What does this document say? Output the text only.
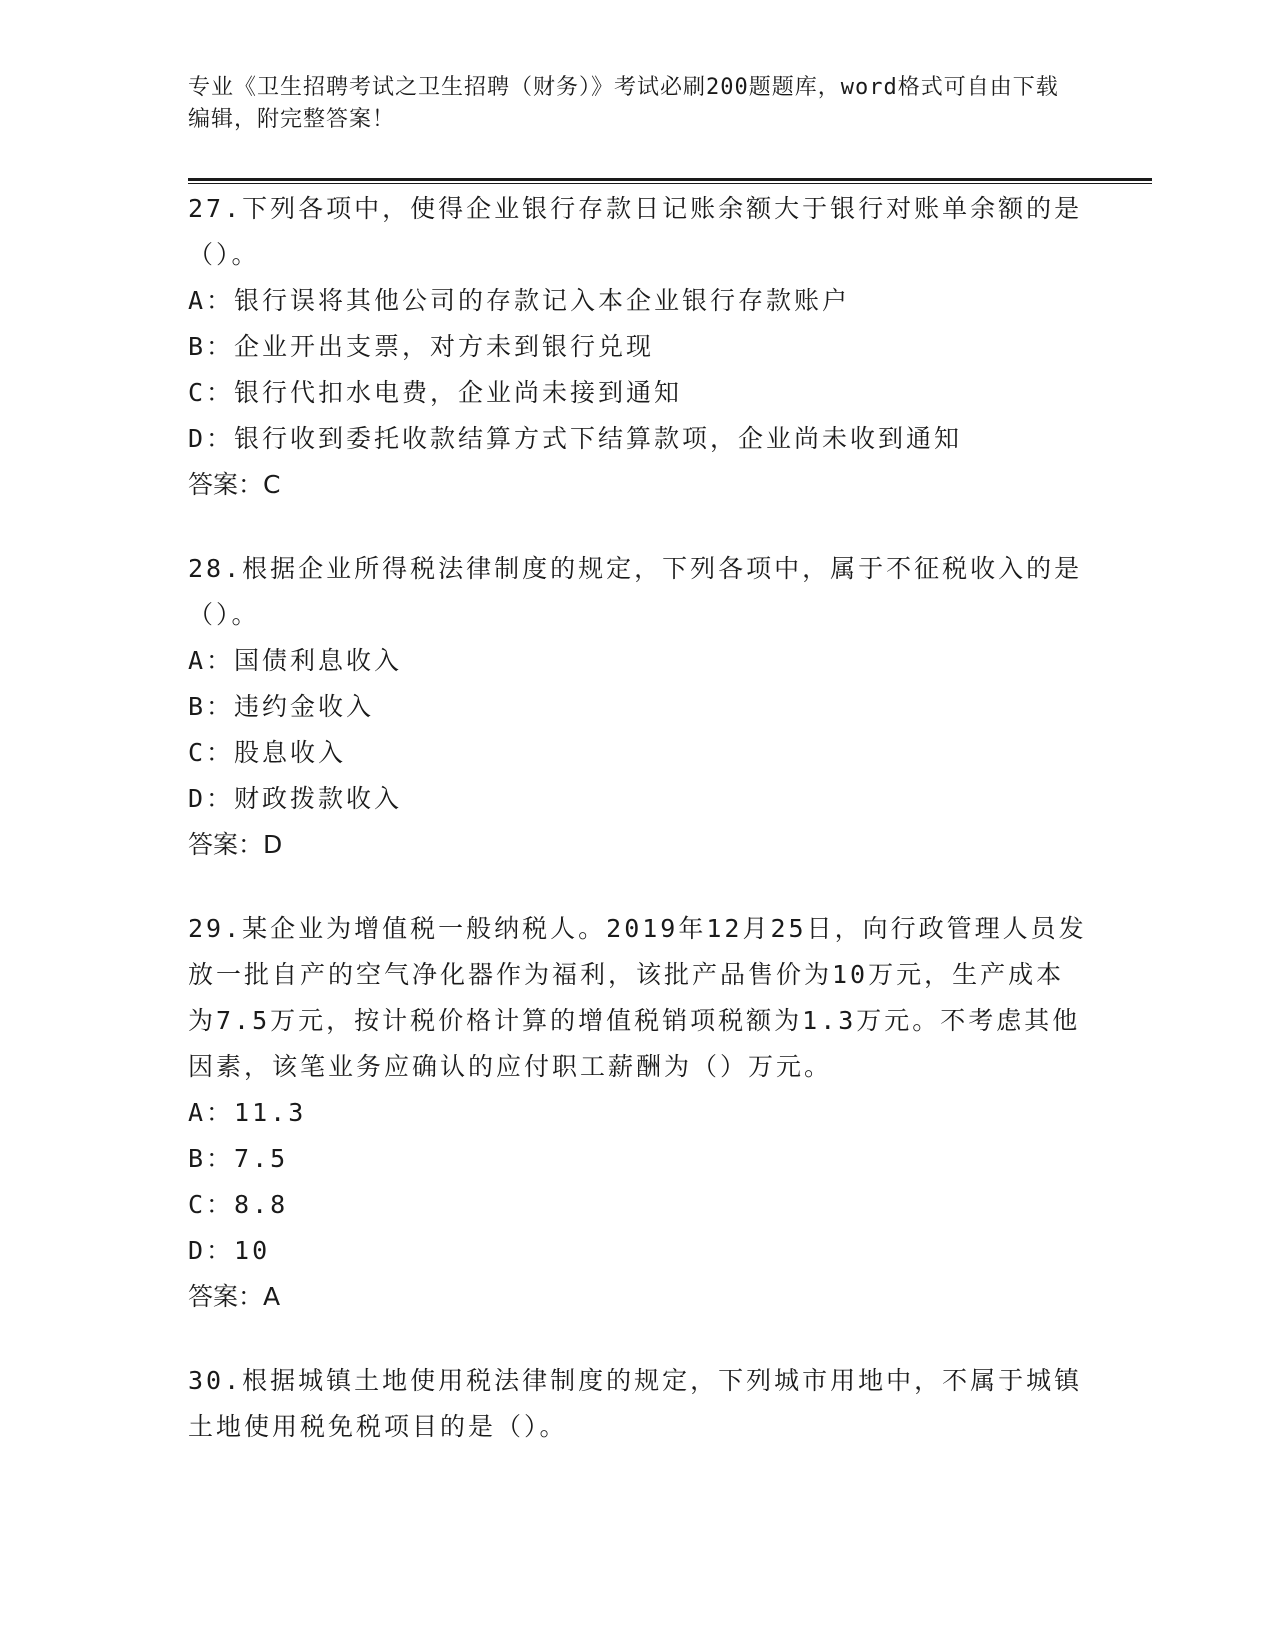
专业《卫生招聘考试之卫生招聘（财务）》考试必刷200题题库，word格式可自由下载编辑，附完整答案！

27.下列各项中，使得企业银行存款日记账余额大于银行对账单余额的是（）。

A：银行误将其他公司的存款记入本企业银行存款账户

B：企业开出支票，对方未到银行兑现

C：银行代扣水电费，企业尚未接到通知

D：银行收到委托收款结算方式下结算款项，企业尚未收到通知

答案：C

28.根据企业所得税法律制度的规定，下列各项中，属于不征税收入的是（）。

A：国债利息收入

B：违约金收入

C：股息收入

D：财政拨款收入

答案：D

29.某企业为增值税一般纳税人。2019年12月25日，向行政管理人员发放一批自产的空气净化器作为福利，该批产品售价为10万元，生产成本为7.5万元，按计税价格计算的增值税销项税额为1.3万元。不考虑其他因素，该笔业务应确认的应付职工薪酬为（）万元。

A：11.3

B：7.5

C：8.8

D：10

答案：A

30.根据城镇土地使用税法律制度的规定，下列城市用地中，不属于城镇土地使用税免税项目的是（）。
